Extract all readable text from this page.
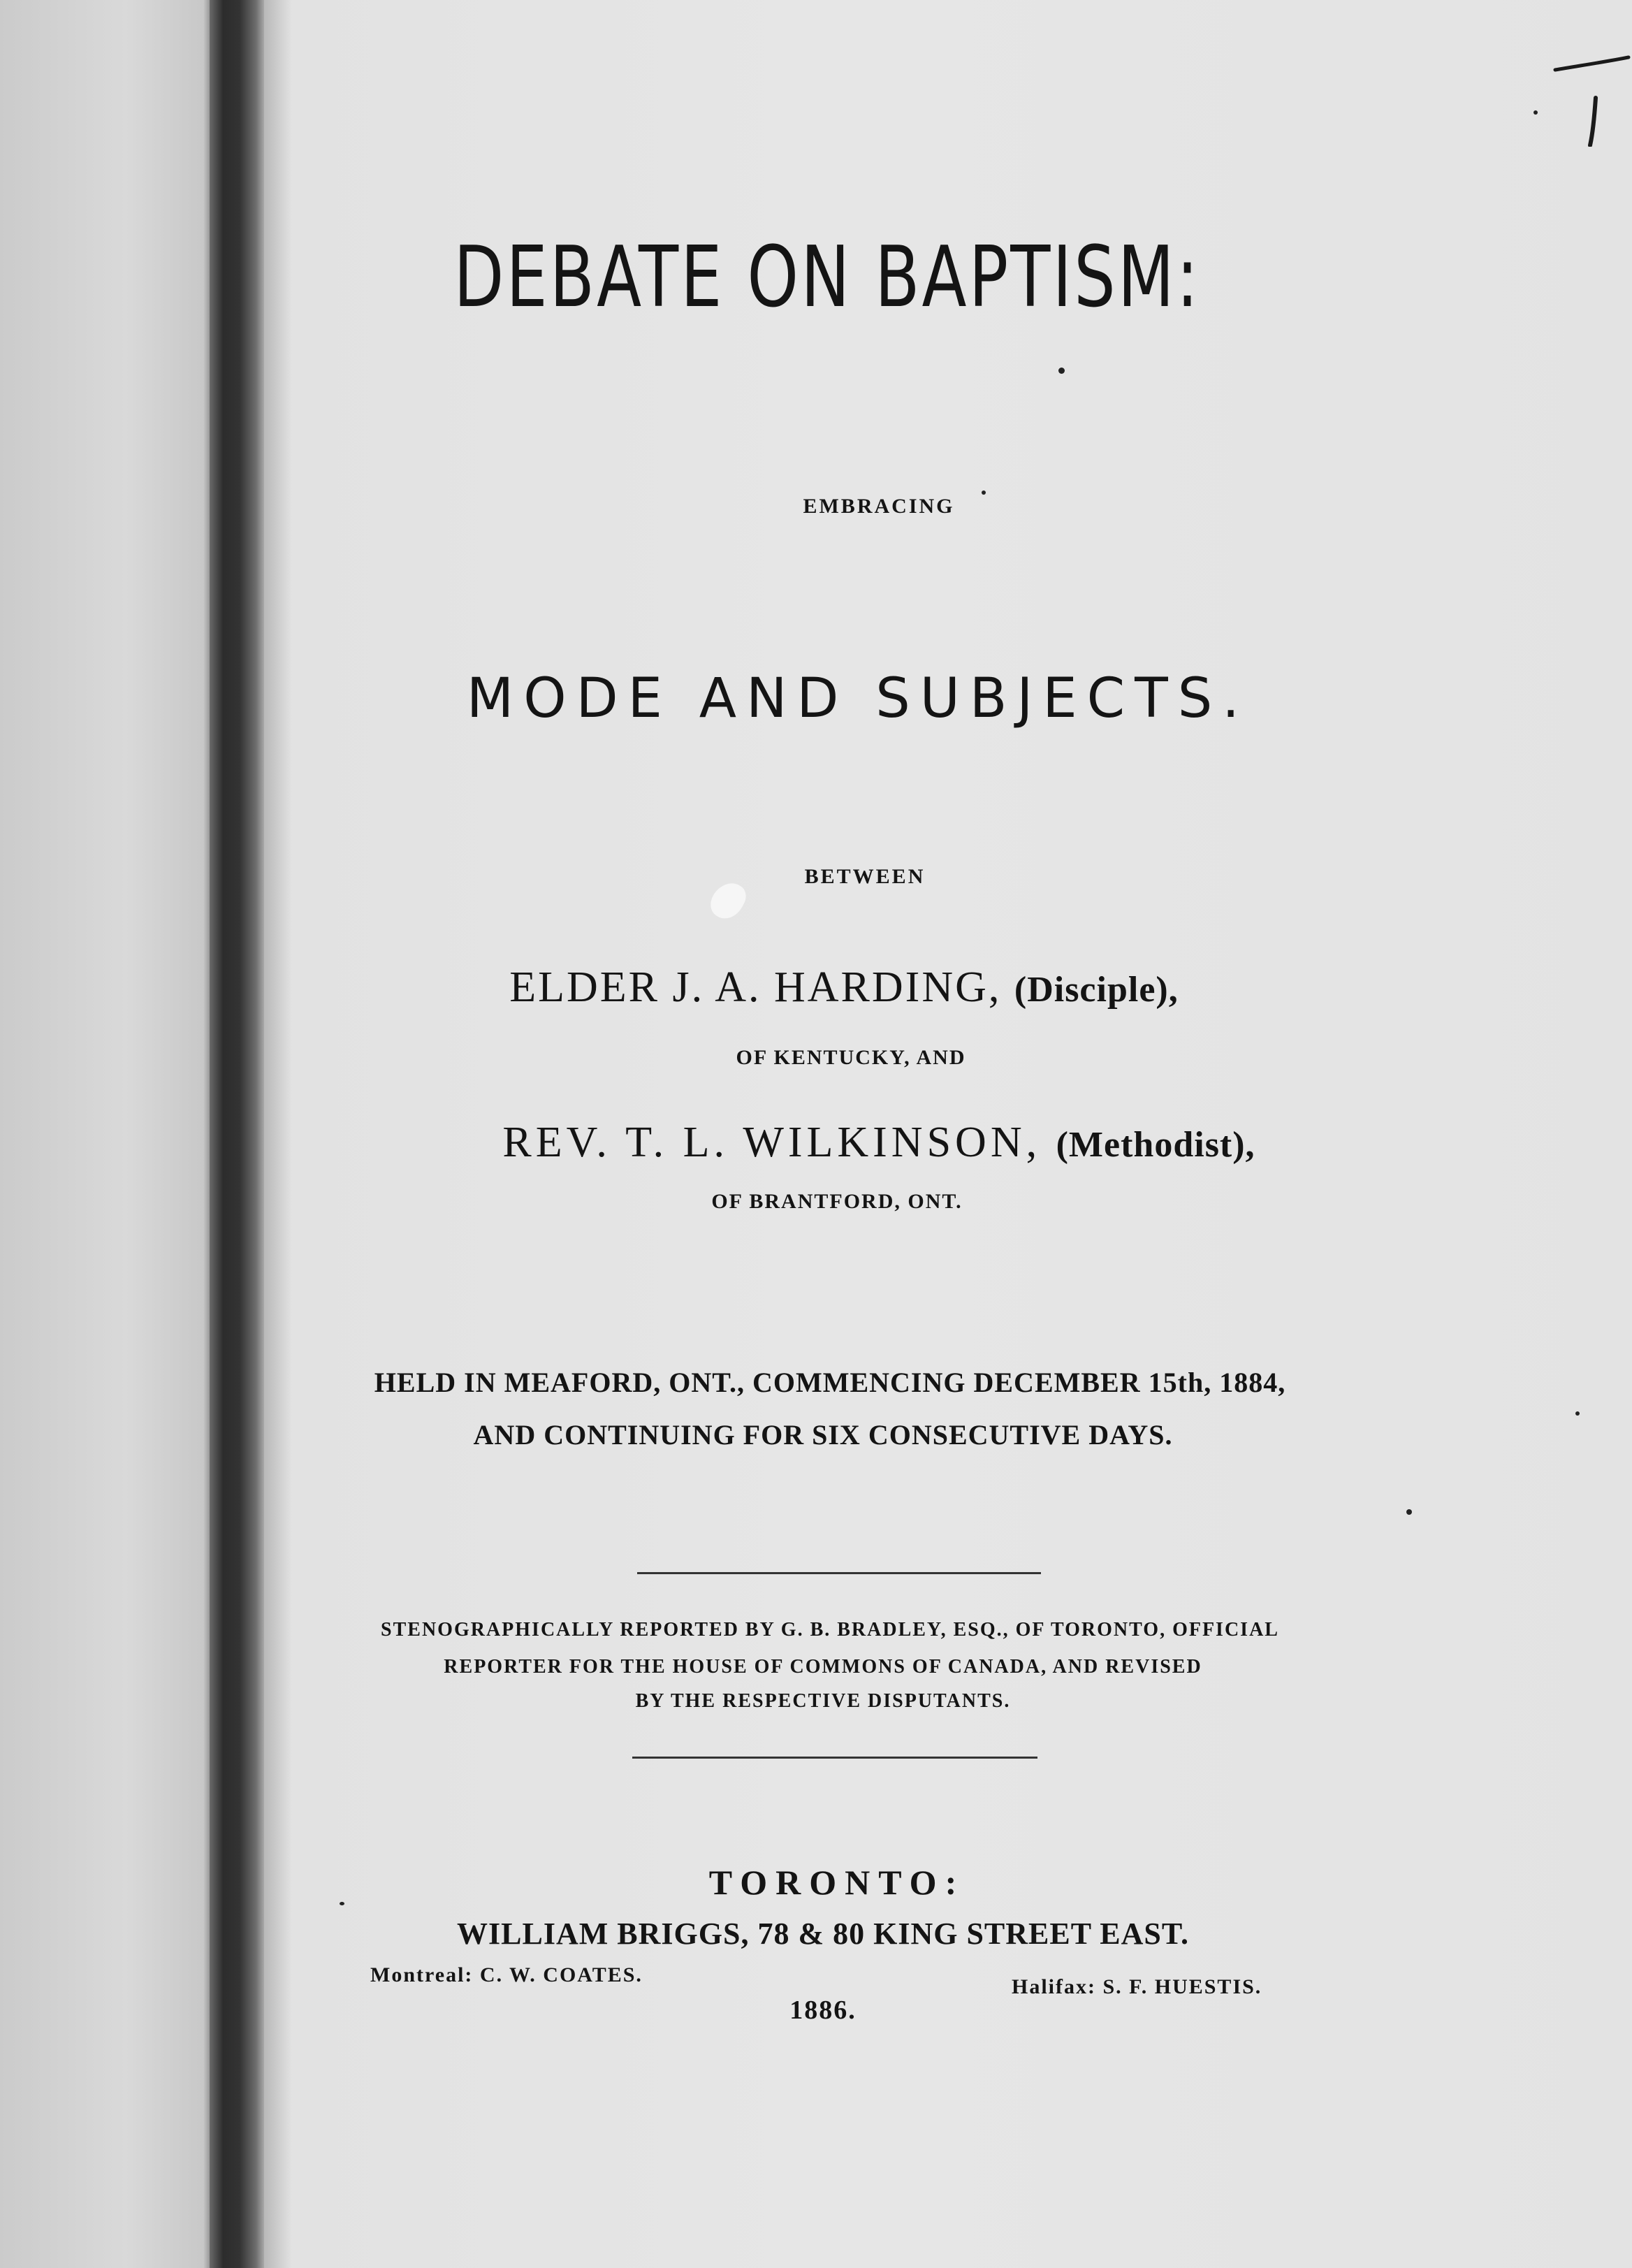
DEBATE ON BAPTISM:
EMBRACING
MODE AND SUBJECTS.
BETWEEN
ELDER J. A. HARDING, (Disciple),
OF KENTUCKY, AND
REV. T. L. WILKINSON, (Methodist),
OF BRANTFORD, ONT.
HELD IN MEAFORD, ONT., COMMENCING DECEMBER 15th, 1884,
AND CONTINUING FOR SIX CONSECUTIVE DAYS.
STENOGRAPHICALLY REPORTED BY G. B. BRADLEY, ESQ., OF TORONTO, OFFICIAL
REPORTER FOR THE HOUSE OF COMMONS OF CANADA, AND REVISED
BY THE RESPECTIVE DISPUTANTS.
TORONTO:
WILLIAM BRIGGS, 78 & 80 KING STREET EAST.
Montreal: C. W. COATES.
Halifax: S. F. HUESTIS.
1886.
